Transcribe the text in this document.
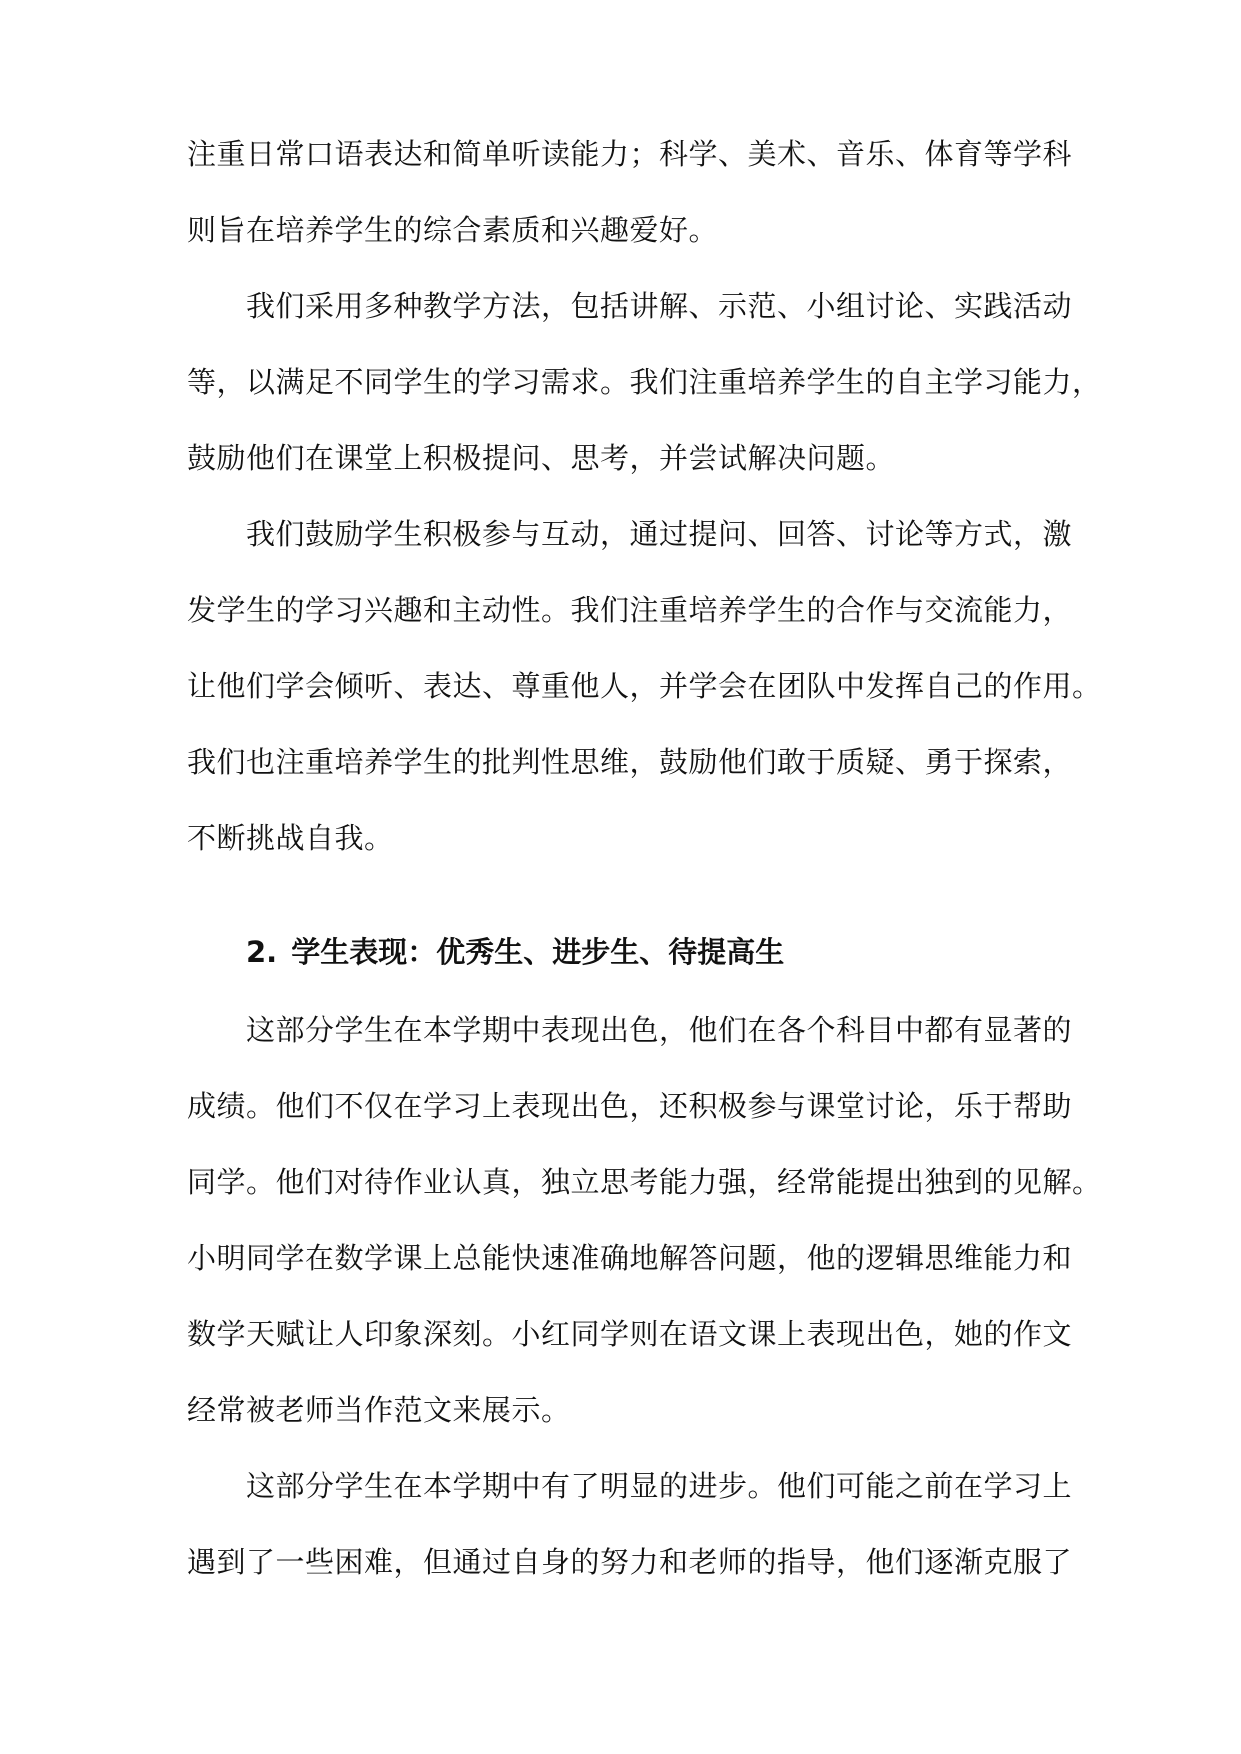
注重日常口语表达和简单听读能力；科学、美术、音乐、体育等学科
则旨在培养学生的综合素质和兴趣爱好。
我们采用多种教学方法，包括讲解、示范、小组讨论、实践活动
等，以满足不同学生的学习需求。我们注重培养学生的自主学习能力，
鼓励他们在课堂上积极提问、思考，并尝试解决问题。
我们鼓励学生积极参与互动，通过提问、回答、讨论等方式，激
发学生的学习兴趣和主动性。我们注重培养学生的合作与交流能力，
让他们学会倾听、表达、尊重他人，并学会在团队中发挥自己的作用。
我们也注重培养学生的批判性思维，鼓励他们敢于质疑、勇于探索，
不断挑战自我。
2. 学生表现：优秀生、进步生、待提高生
这部分学生在本学期中表现出色，他们在各个科目中都有显著的
成绩。他们不仅在学习上表现出色，还积极参与课堂讨论，乐于帮助
同学。他们对待作业认真，独立思考能力强，经常能提出独到的见解。
小明同学在数学课上总能快速准确地解答问题，他的逻辑思维能力和
数学天赋让人印象深刻。小红同学则在语文课上表现出色，她的作文
经常被老师当作范文来展示。
这部分学生在本学期中有了明显的进步。他们可能之前在学习上
遇到了一些困难，但通过自身的努力和老师的指导，他们逐渐克服了
